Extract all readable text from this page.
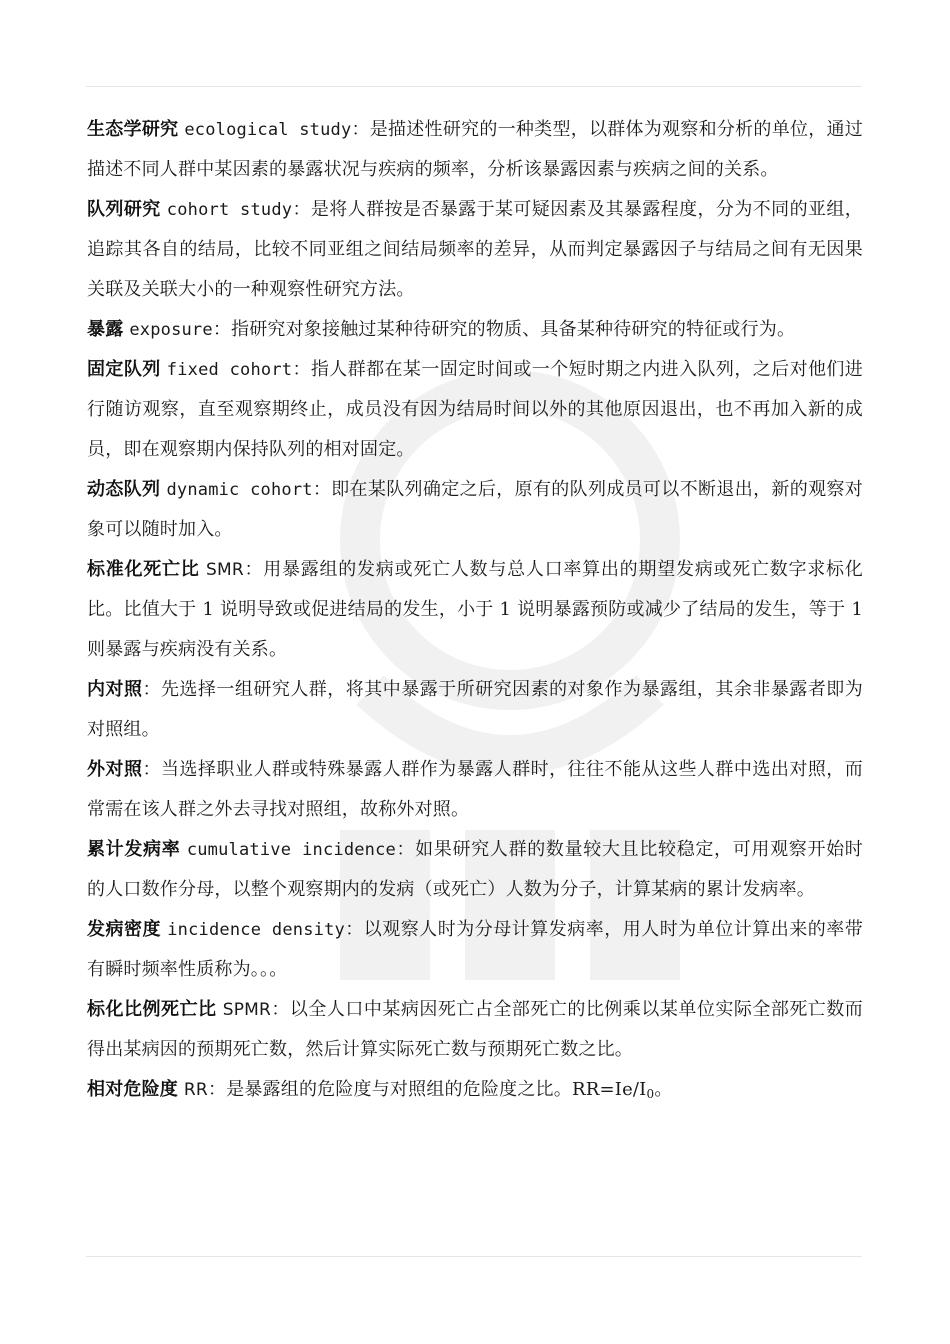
生态学研究 ecological study：是描述性研究的一种类型，以群体为观察和分析的单位，通过描述不同人群中某因素的暴露状况与疾病的频率，分析该暴露因素与疾病之间的关系。

队列研究 cohort study：是将人群按是否暴露于某可疑因素及其暴露程度，分为不同的亚组，追踪其各自的结局，比较不同亚组之间结局频率的差异，从而判定暴露因子与结局之间有无因果关联及关联大小的一种观察性研究方法。

暴露 exposure：指研究对象接触过某种待研究的物质、具备某种待研究的特征或行为。

固定队列 fixed cohort：指人群都在某一固定时间或一个短时期之内进入队列，之后对他们进行随访观察，直至观察期终止，成员没有因为结局时间以外的其他原因退出，也不再加入新的成员，即在观察期内保持队列的相对固定。

动态队列 dynamic cohort：即在某队列确定之后，原有的队列成员可以不断退出，新的观察对象可以随时加入。

标准化死亡比 SMR：用暴露组的发病或死亡人数与总人口率算出的期望发病或死亡数字求标化比。比值大于 1 说明导致或促进结局的发生，小于 1 说明暴露预防或减少了结局的发生，等于 1 则暴露与疾病没有关系。

内对照：先选择一组研究人群，将其中暴露于所研究因素的对象作为暴露组，其余非暴露者即为对照组。

外对照：当选择职业人群或特殊暴露人群作为暴露人群时，往往不能从这些人群中选出对照，而常需在该人群之外去寻找对照组，故称外对照。

累计发病率 cumulative incidence：如果研究人群的数量较大且比较稳定，可用观察开始时的人口数作分母，以整个观察期内的发病（或死亡）人数为分子，计算某病的累计发病率。

发病密度 incidence density：以观察人时为分母计算发病率，用人时为单位计算出来的率带有瞬时频率性质称为。。。

标化比例死亡比 SPMR：以全人口中某病因死亡占全部死亡的比例乘以某单位实际全部死亡数而得出某病因的预期死亡数，然后计算实际死亡数与预期死亡数之比。

相对危险度 RR：是暴露组的危险度与对照组的危险度之比。$RR=Ie/I_0$。
